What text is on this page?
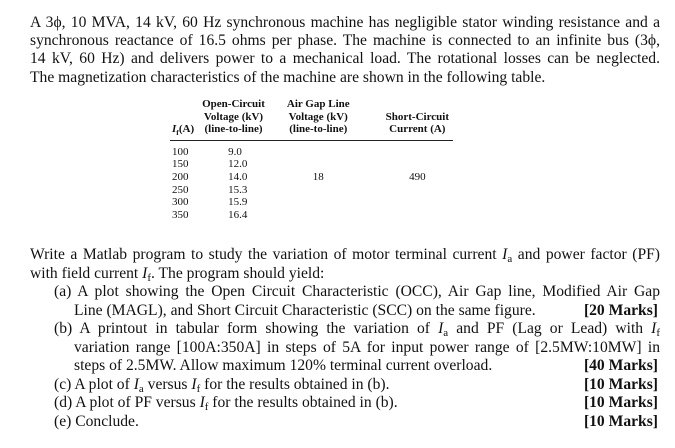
A 3ϕ, 10 MVA, 14 kV, 60 Hz synchronous machine has negligible stator winding resistance and a
synchronous reactance of 16.5 ohms per phase. The machine is connected to an infinite bus (3ϕ,
14 kV, 60 Hz) and delivers power to a mechanical load. The rotational losses can be neglected.
The magnetization characteristics of the machine are shown in the following table.
$I_f(A)$	Open-Circuit
Voltage (kV)
(line-to-line)	Air Gap Line
Voltage (kV)
(line-to-line)	Short-Circuit
Current (A)
100	9.0		
150	12.0		
200	14.0	18	490
250	15.3		
300	15.9		
350	16.4		
Write a Matlab program to study the variation of motor terminal current $I_a$ and power factor (PF)
with field current $I_f$. The program should yield:
(a) A plot showing the Open Circuit Characteristic (OCC), Air Gap line, Modified Air Gap
Line (MAGL), and Short Circuit Characteristic (SCC) on the same figure.	[20 Marks]
(b) A printout in tabular form showing the variation of $I_a$ and PF (Lag or Lead) with $I_f$
variation range [100A:350A] in steps of 5A for input power range of [2.5MW:10MW] in
steps of 2.5MW. Allow maximum 120% terminal current overload.	[40 Marks]
(c) A plot of $I_a$ versus $I_f$ for the results obtained in (b).	[10 Marks]
(d) A plot of PF versus $I_f$ for the results obtained in (b).	[10 Marks]
(e) Conclude.	[10 Marks]
